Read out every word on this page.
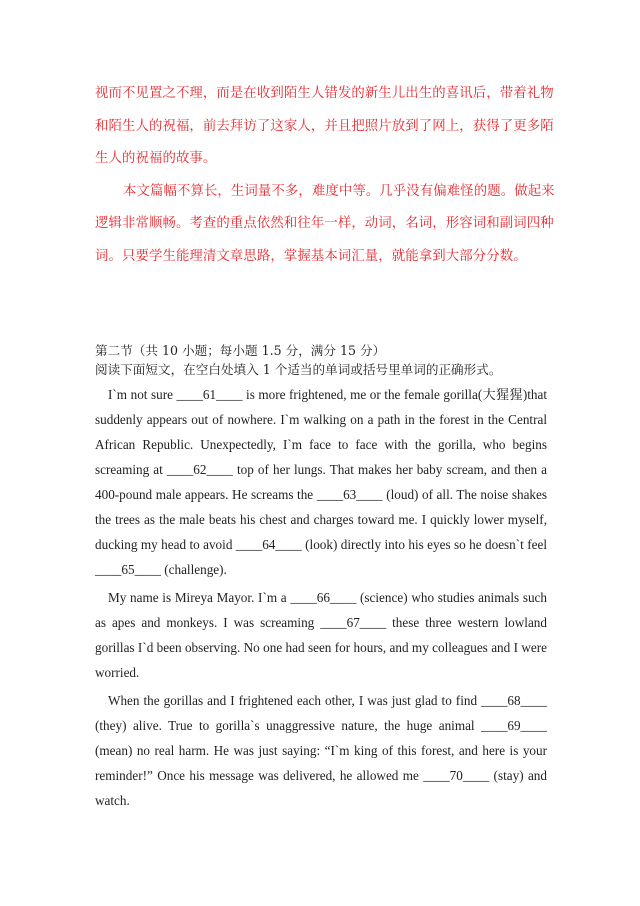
​

视而不见置之不理，而是在收到陌生人错发的新生儿出生的喜讯后，带着礼物和陌生人的祝福，前去拜访了这家人，并且把照片放到了网上，获得了更多陌生人的祝福的故事。

本文篇幅不算长，生词量不多，难度中等。几乎没有偏难怪的题。做起来逻辑非常顺畅。考查的重点依然和往年一样，动词，名词，形容词和副词四种词。只要学生能理清文章思路，掌握基本词汇量，就能拿到大部分分数。

第二节（共 10 小题；每小题 1.5 分，满分 15 分）

阅读下面短文，在空白处填入 1 个适当的单词或括号里单词的正确形式。

I`m not sure ____61____ is more frightened, me or the female gorilla(大猩猩)that suddenly appears out of nowhere. I`m walking on a path in the forest in the Central African Republic. Unexpectedly, I`m face to face with the gorilla, who begins screaming at ____62____ top of her lungs. That makes her baby scream, and then a 400-pound male appears. He screams the ____63____ (loud) of all. The noise shakes the trees as the male beats his chest and charges toward me. I quickly lower myself, ducking my head to avoid ____64____ (look) directly into his eyes so he doesn`t feel ____65____ (challenge).

My name is Mireya Mayor. I`m a ____66____ (science) who studies animals such as apes and monkeys. I was screaming ____67____ these three western lowland gorillas I`d been observing. No one had seen for hours, and my colleagues and I were worried.

When the gorillas and I frightened each other, I was just glad to find ____68____ (they) alive. True to gorilla`s unaggressive nature, the huge animal ____69____ (mean) no real harm. He was just saying: “I`m king of this forest, and here is your reminder!” Once his message was delivered, he allowed me ____70____ (stay) and watch.
